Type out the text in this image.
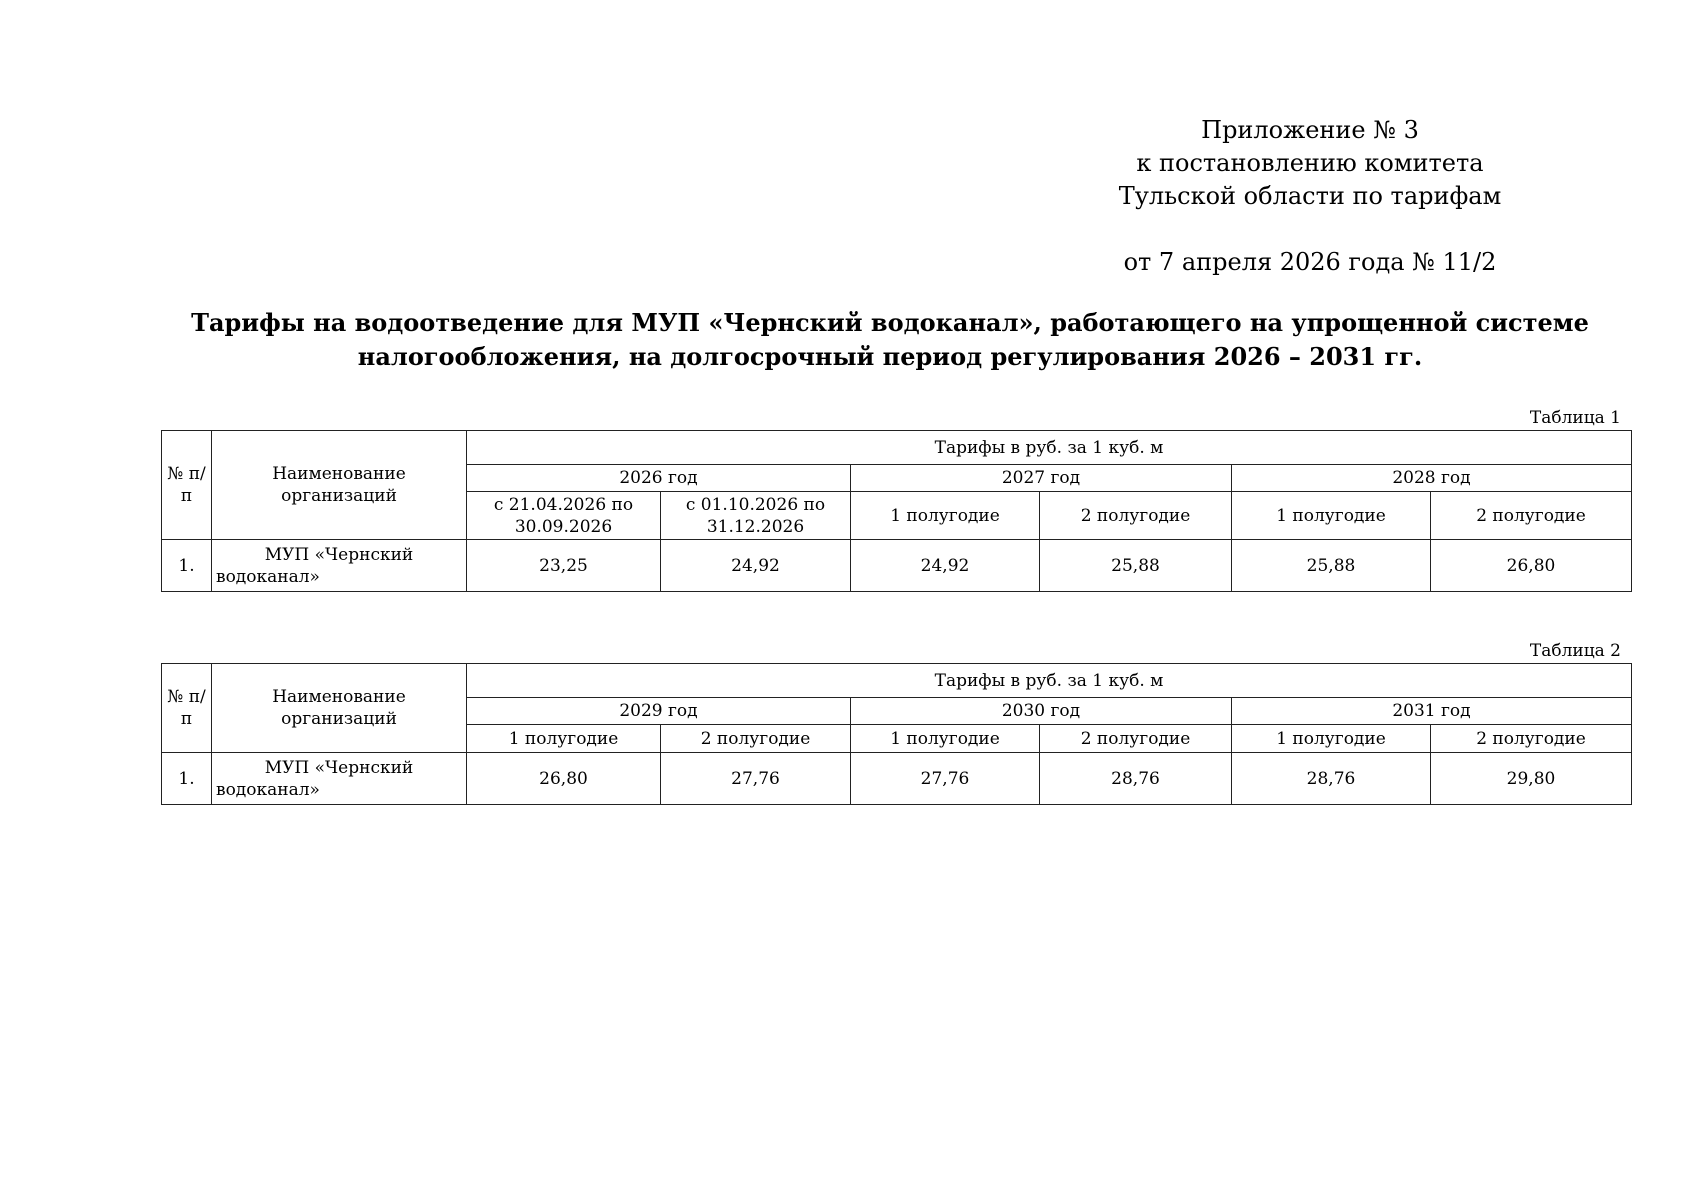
Приложение № 3
к постановлению комитета
Тульской области по тарифам
от 7 апреля 2026 года № 11/2
Тарифы на водоотведение для МУП «Чернский водоканал», работающего на упрощенной системе
налогообложения, на долгосрочный период регулирования 2026 – 2031 гг.
Таблица 1
№ п/п	Наименование организаций	Тарифы в руб. за 1 куб. м					
		2026 год		2027 год		2028 год	
		с 21.04.2026 по 30.09.2026	с 01.10.2026 по 31.12.2026	1 полугодие	2 полугодие	1 полугодие	2 полугодие
1.	МУП «Чернский водоканал»	23,25	24,92	24,92	25,88	25,88	26,80
Таблица 2
№ п/п	Наименование организаций	Тарифы в руб. за 1 куб. м					
		2029 год		2030 год		2031 год	
		1 полугодие	2 полугодие	1 полугодие	2 полугодие	1 полугодие	2 полугодие
1.	МУП «Чернский водоканал»	26,80	27,76	27,76	28,76	28,76	29,80
